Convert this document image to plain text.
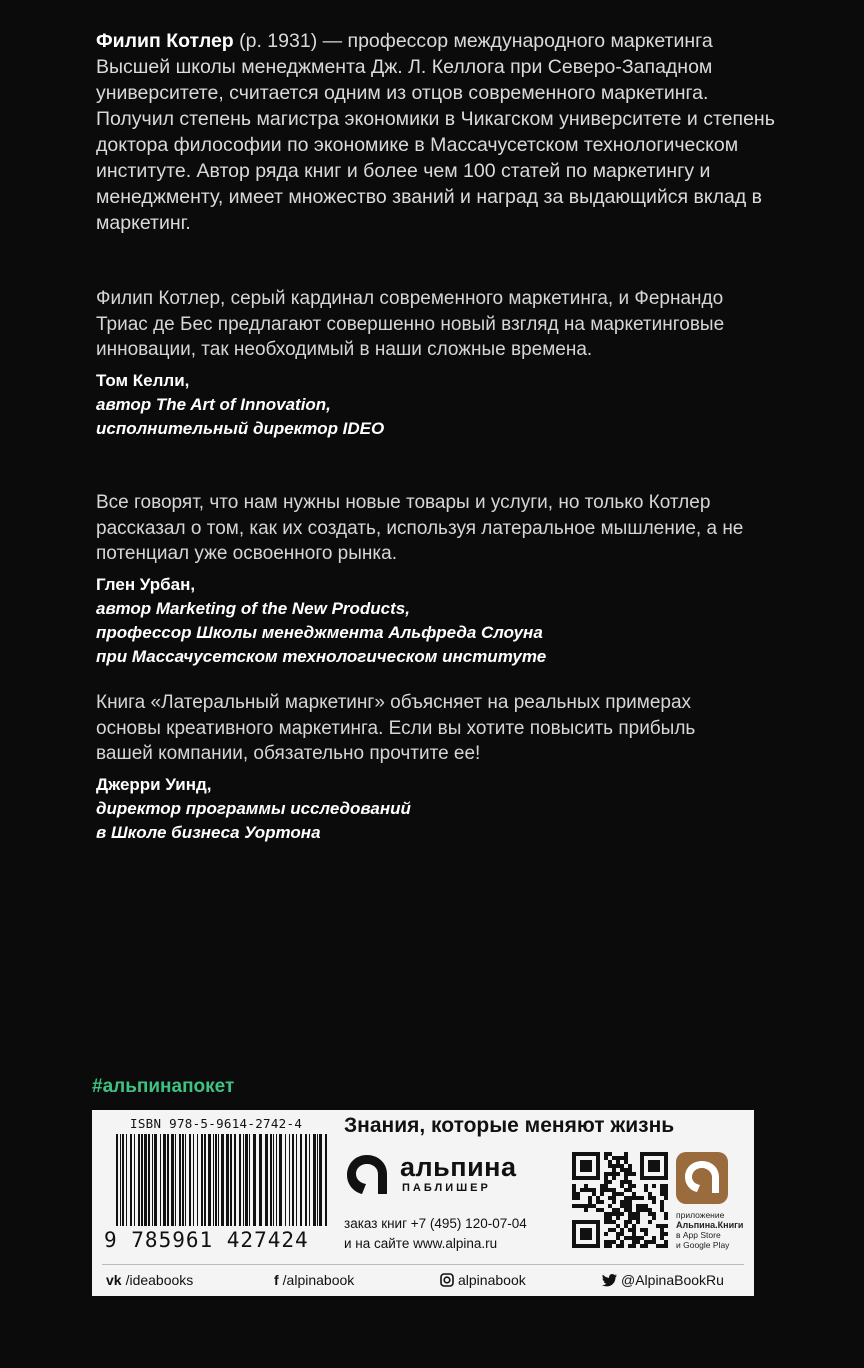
Филип Котлер (р. 1931) — профессор международного маркетинга Высшей школы менеджмента Дж. Л. Келлога при Северо-Западном университете, считается одним из отцов современного маркетинга. Получил степень магистра экономики в Чикагском университете и степень доктора философии по экономике в Массачусетском технологическом институте. Автор ряда книг и более чем 100 статей по маркетингу и менеджменту, имеет множество званий и наград за выдающийся вклад в маркетинг.

Филип Котлер, серый кардинал современного маркетинга, и Фернандо Триас де Бес предлагают совершенно новый взгляд на маркетинговые инновации, так необходимый в наши сложные времена.

Том Келли,
автор The Art of Innovation,
исполнительный директор IDEO

Все говорят, что нам нужны новые товары и услуги, но только Котлер рассказал о том, как их создать, используя латеральное мышление, а не потенциал уже освоенного рынка.

Глен Урбан,
автор Marketing of the New Products,
профессор Школы менеджмента Альфреда Слоуна
при Массачусетском технологическом институте

Книга «Латеральный маркетинг» объясняет на реальных примерах основы креативного маркетинга. Если вы хотите повысить прибыль вашей компании, обязательно прочтите ее!

Джерри Уинд,
директор программы исследований
в Школе бизнеса Уортона
#альпинапокет
ISBN 978-5-9614-2742-4
9 785961 427424
Знания, которые меняют жизнь
альпина
ПАБЛИШЕР
заказ книг +7 (495) 120-07-04
и на сайте www.alpina.ru
приложение
Альпина.Книги
в App Store
и Google Play
vk /ideabooks	f /alpinabook	alpinabook	@AlpinaBookRu
